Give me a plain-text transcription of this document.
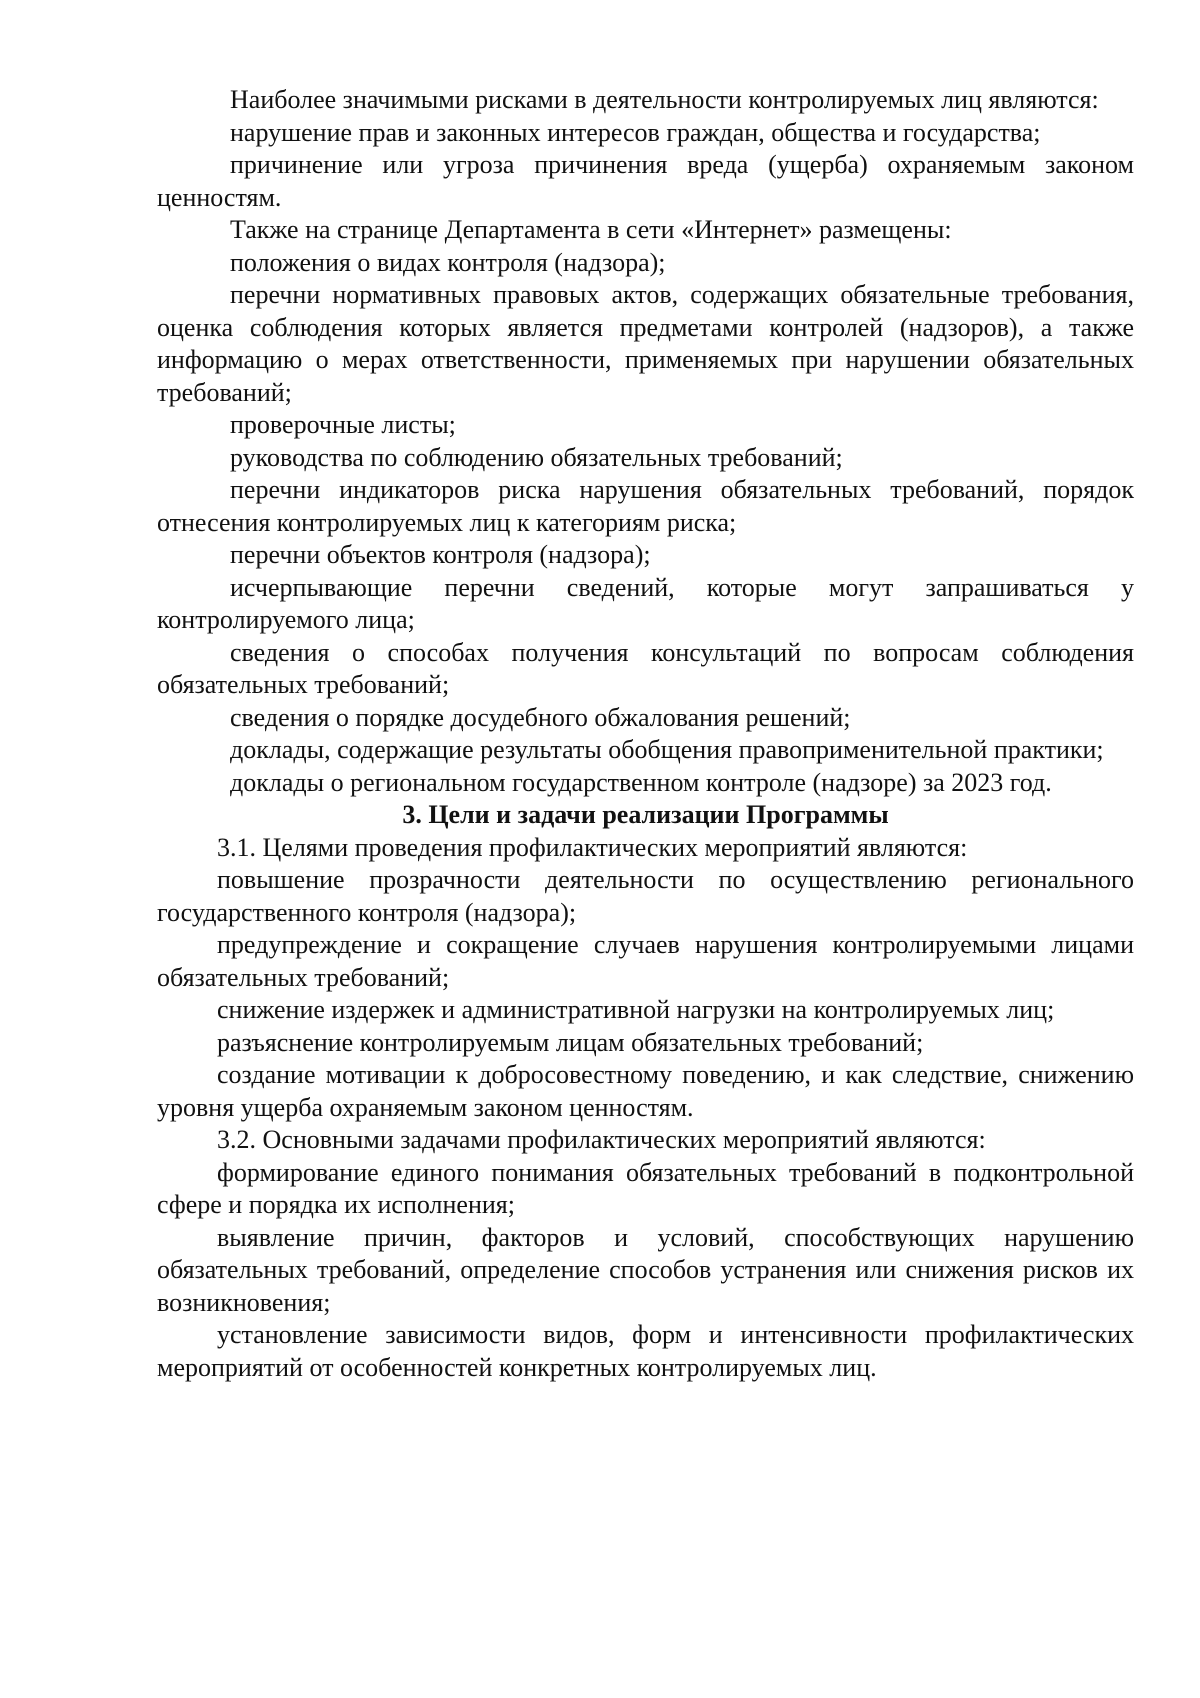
Наиболее значимыми рисками в деятельности контролируемых лиц являются:

нарушение прав и законных интересов граждан, общества и государства;

причинение или угроза причинения вреда (ущерба) охраняемым законом ценностям.

Также на странице Департамента в сети «Интернет» размещены:

положения о видах контроля (надзора);

перечни нормативных правовых актов, содержащих обязательные требования, оценка соблюдения которых является предметами контролей (надзоров), а также информацию о мерах ответственности, применяемых при нарушении обязательных требований;

проверочные листы;

руководства по соблюдению обязательных требований;

перечни индикаторов риска нарушения обязательных требований, порядок отнесения контролируемых лиц к категориям риска;

перечни объектов контроля (надзора);

исчерпывающие перечни сведений, которые могут запрашиваться у контролируемого лица;

сведения о способах получения консультаций по вопросам соблюдения обязательных требований;

сведения о порядке досудебного обжалования решений;

доклады, содержащие результаты обобщения правоприменительной практики;

доклады о региональном государственном контроле (надзоре) за 2023 год.

3. Цели и задачи реализации Программы

3.1. Целями проведения профилактических мероприятий являются:

повышение прозрачности деятельности по осуществлению регионального государственного контроля (надзора);

предупреждение и сокращение случаев нарушения контролируемыми лицами обязательных требований;

снижение издержек и административной нагрузки на контролируемых лиц;

разъяснение контролируемым лицам обязательных требований;

создание мотивации к добросовестному поведению, и как следствие, снижению уровня ущерба охраняемым законом ценностям.

3.2. Основными задачами профилактических мероприятий являются:

формирование единого понимания обязательных требований в подконтрольной сфере и порядка их исполнения;

выявление причин, факторов и условий, способствующих нарушению обязательных требований, определение способов устранения или снижения рисков их возникновения;

установление зависимости видов, форм и интенсивности профилактических мероприятий от особенностей конкретных контролируемых лиц.
